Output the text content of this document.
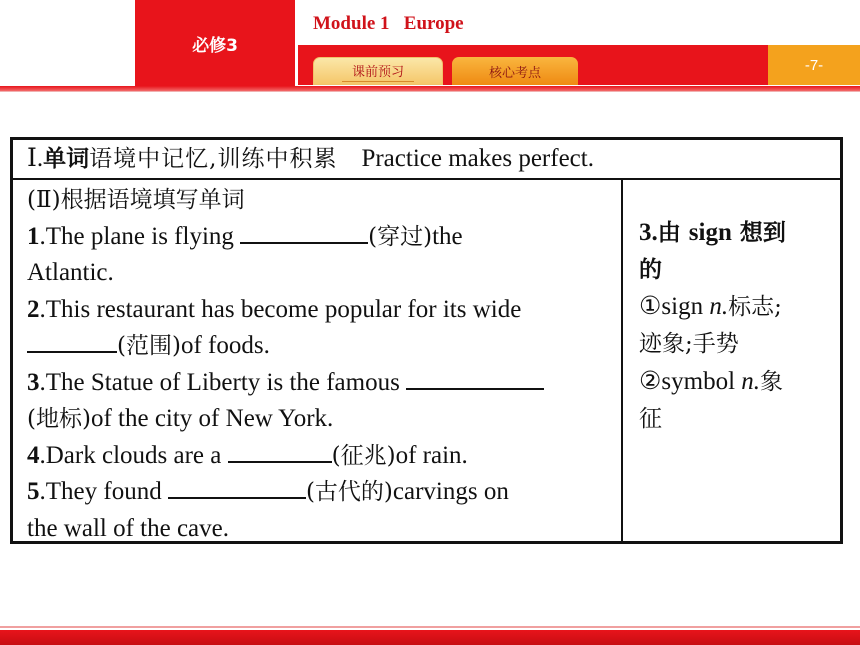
必修3
Module 1   Europe
课前预习	核心考点	-7-
Ⅰ.单词语境中记忆,训练中积累 Practice makes perfect.
(Ⅱ)根据语境填写单词
1.The plane is flying	(穿过)the
Atlantic.
2.This restaurant has become popular for its wide
(范围)of foods.
3.The Statue of Liberty is the famous
(地标)of the city of New York.
4.Dark clouds are a	(征兆)of rain.
5.They found	(古代的)carvings on
the wall of the cave.
3.由 sign 想到
的
①sign n.标志;
迹象;手势
②symbol n.象
征
